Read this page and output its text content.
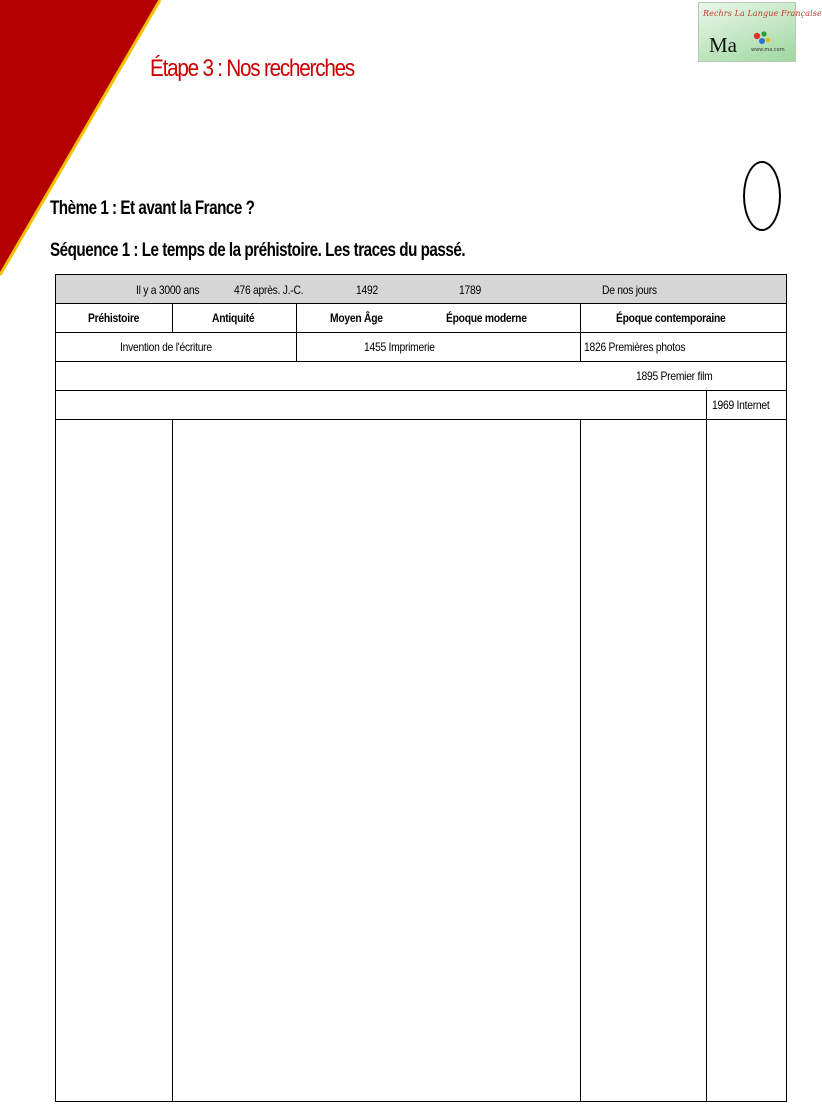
Rechrs La Langue Française
Ma	www.ma.com
Étape 3 : Nos recherches
Thème 1 : Et avant la France ?
Séquence 1 : Le temps de la préhistoire. Les traces du passé.
Il y a 3000 ans	476 après. J.-C.	1492	1789	De nos jours
Préhistoire	Antiquité	Moyen Âge	Époque moderne	Époque contemporaine
Invention de l'écriture	1455 Imprimerie	1826 Premières photos
1895 Premier film
1969 Internet
